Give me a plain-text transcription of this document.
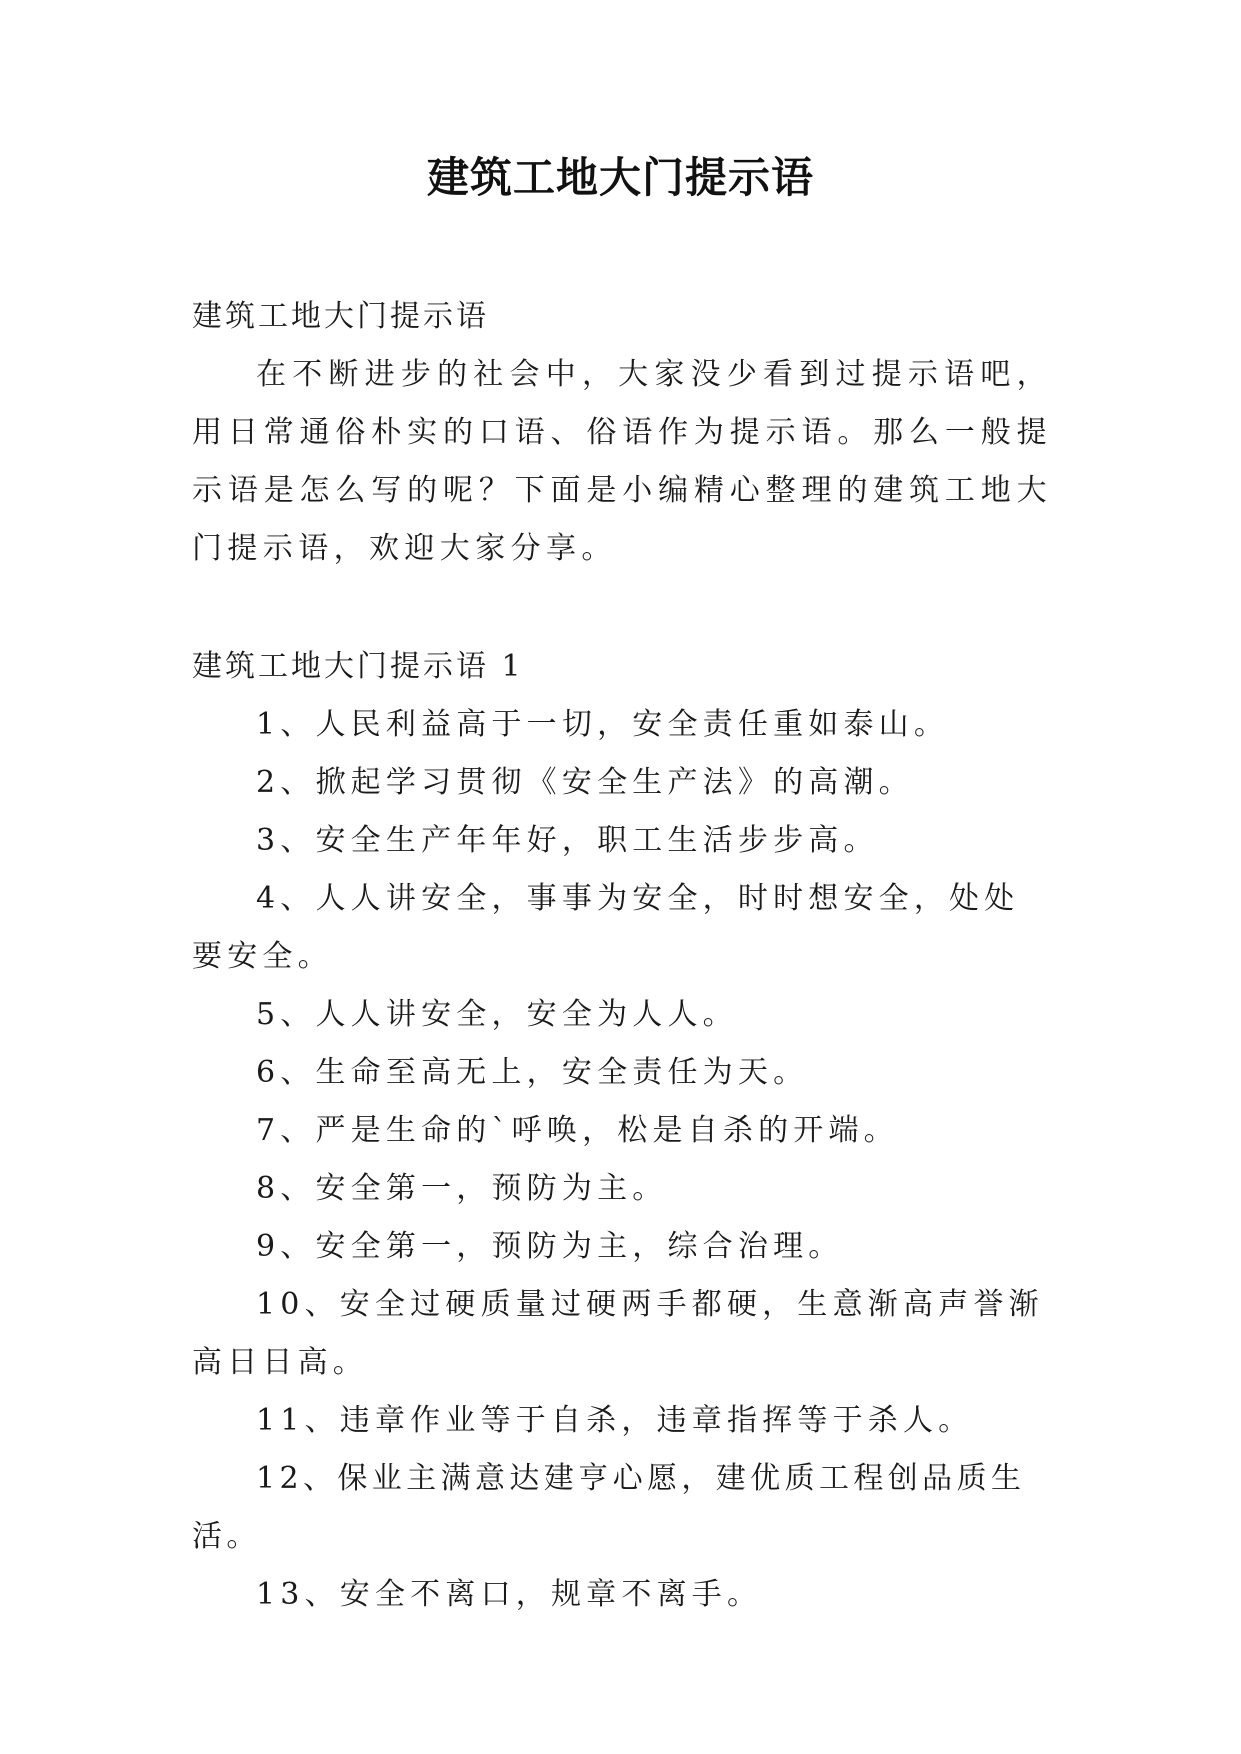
建筑工地大门提示语
建筑工地大门提示语
在不断进步的社会中，大家没少看到过提示语吧，用日常通俗朴实的口语、俗语作为提示语。那么一般提示语是怎么写的呢？下面是小编精心整理的建筑工地大门提示语，欢迎大家分享。
建筑工地大门提示语 1
1、人民利益高于一切，安全责任重如泰山。
2、掀起学习贯彻《安全生产法》的高潮。
3、安全生产年年好，职工生活步步高。
4、人人讲安全，事事为安全，时时想安全，处处要安全。
5、人人讲安全，安全为人人。
6、生命至高无上，安全责任为天。
7、严是生命的`呼唤，松是自杀的开端。
8、安全第一，预防为主。
9、安全第一，预防为主，综合治理。
10、安全过硬质量过硬两手都硬，生意渐高声誉渐高日日高。
11、违章作业等于自杀，违章指挥等于杀人。
12、保业主满意达建亨心愿，建优质工程创品质生活。
13、安全不离口，规章不离手。
